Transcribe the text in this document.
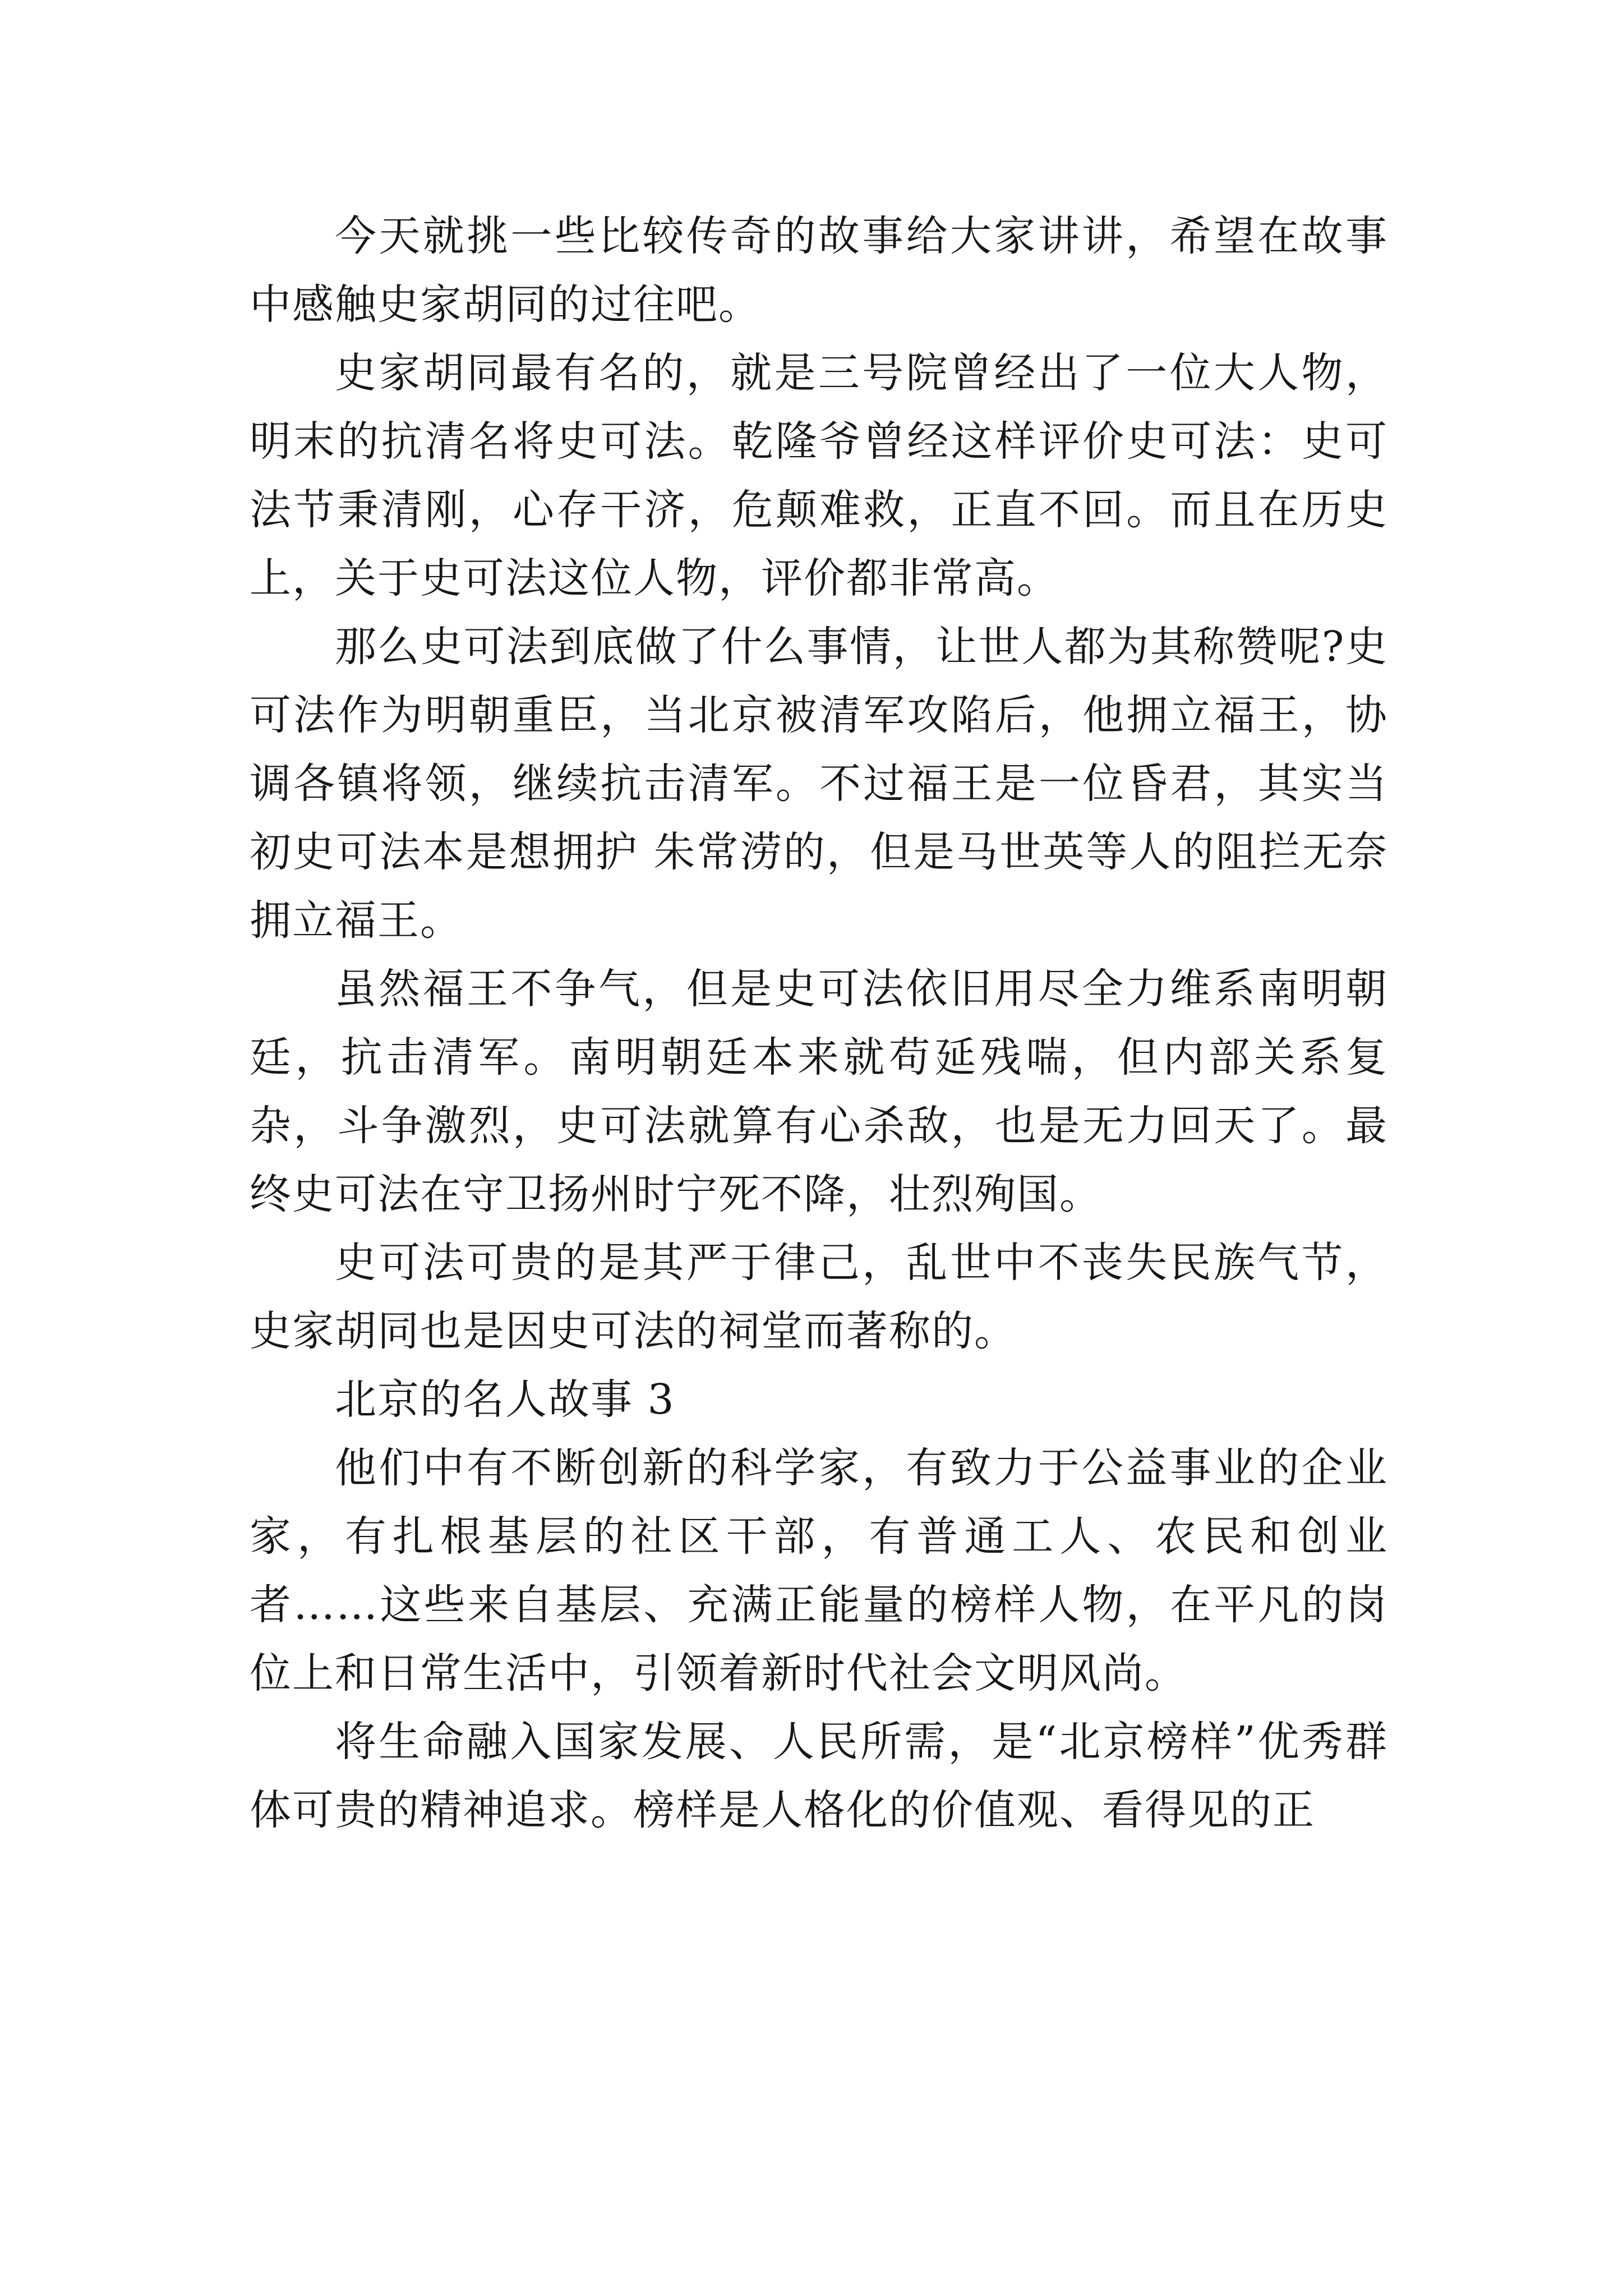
今天就挑一些比较传奇的故事给大家讲讲，希望在故事中感触史家胡同的过往吧。

史家胡同最有名的，就是三号院曾经出了一位大人物，明末的抗清名将史可法。乾隆爷曾经这样评价史可法：史可法节秉清刚，心存干济，危颠难救，正直不回。而且在历史上，关于史可法这位人物，评价都非常高。

那么史可法到底做了什么事情，让世人都为其称赞呢?史可法作为明朝重臣，当北京被清军攻陷后，他拥立福王，协调各镇将领，继续抗击清军。不过福王是一位昏君，其实当初史可法本是想拥护 朱常涝的，但是马世英等人的阻拦无奈拥立福王。

虽然福王不争气，但是史可法依旧用尽全力维系南明朝廷，抗击清军。南明朝廷本来就苟延残喘，但内部关系复杂，斗争激烈，史可法就算有心杀敌，也是无力回天了。最终史可法在守卫扬州时宁死不降，壮烈殉国。

史可法可贵的是其严于律己，乱世中不丧失民族气节，史家胡同也是因史可法的祠堂而著称的。

北京的名人故事 3

他们中有不断创新的科学家，有致力于公益事业的企业家，有扎根基层的社区干部，有普通工人、农民和创业者……这些来自基层、充满正能量的榜样人物，在平凡的岗位上和日常生活中，引领着新时代社会文明风尚。

将生命融入国家发展、人民所需，是“北京榜样”优秀群体可贵的精神追求。榜样是人格化的价值观、看得见的正
